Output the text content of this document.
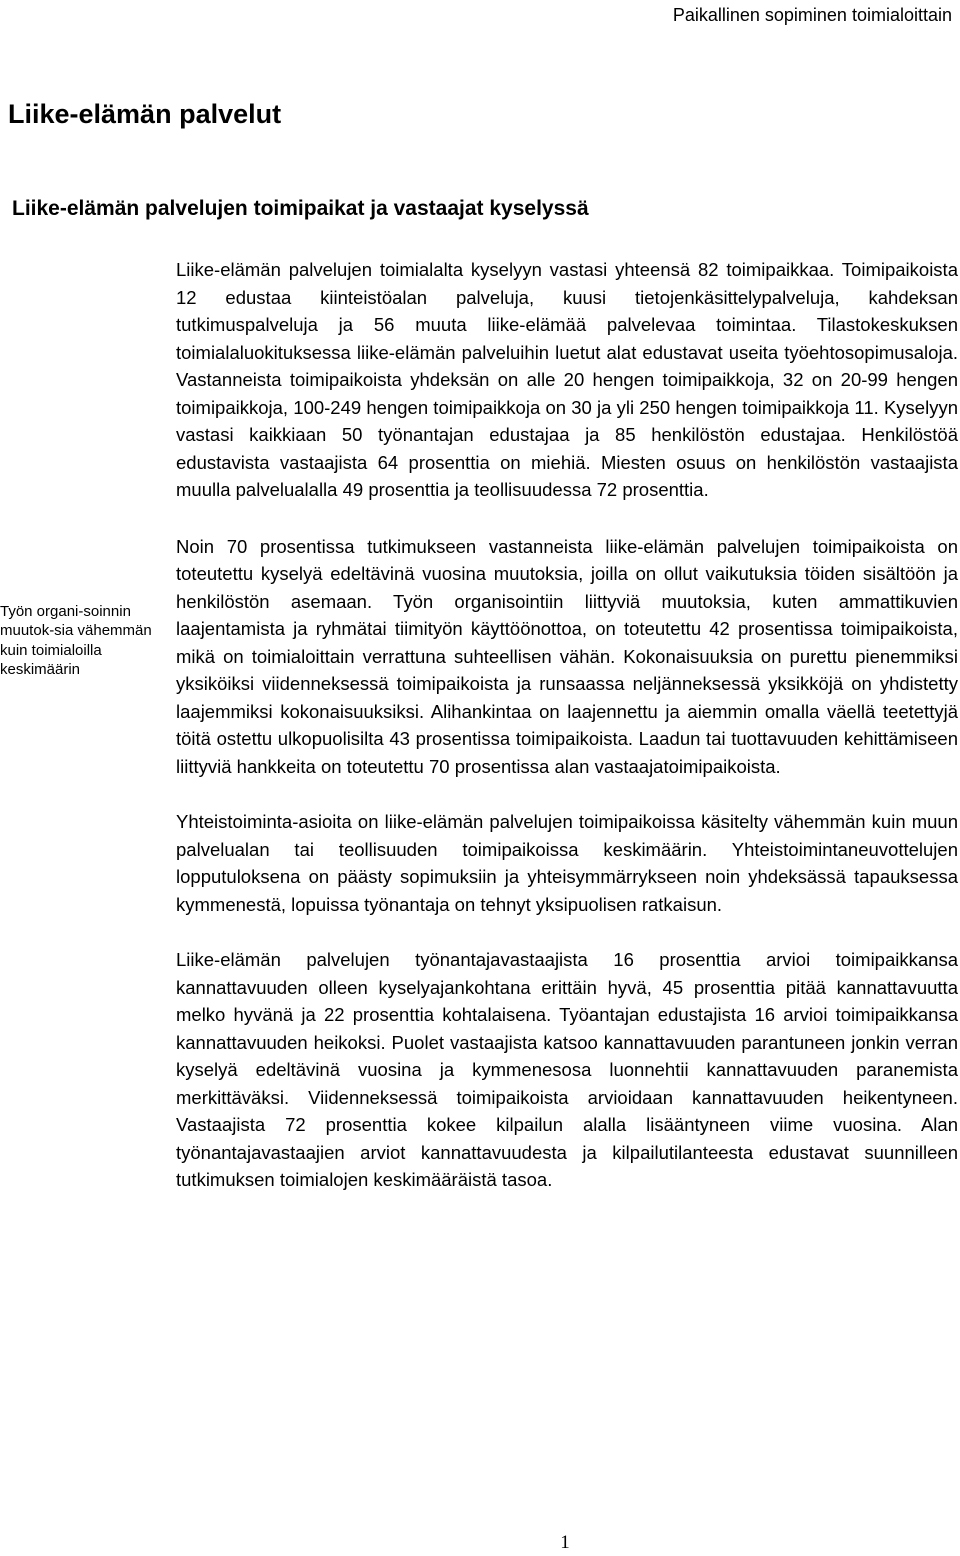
Paikallinen sopiminen toimialoittain
Liike-elämän palvelut
Liike-elämän palvelujen toimipaikat ja vastaajat kyselyssä

Työn organi-soinnin muutok-sia vähemmän kuin toimialoilla keskimäärin

Liike-elämän palvelujen toimialalta kyselyyn vastasi yhteensä 82 toimipaikkaa. Toimipaikoista 12 edustaa kiinteistöalan palveluja, kuusi tietojenkäsittelypalveluja, kahdeksan tutkimuspalveluja ja 56 muuta liike-elämää palvelevaa toimintaa. Tilastokeskuksen toimialaluokituksessa liike-elämän palveluihin luetut alat edustavat useita työehtosopimusaloja. Vastanneista toimipaikoista yhdeksän on alle 20 hengen toimipaikkoja, 32 on 20-99 hengen toimipaikkoja, 100-249 hengen toimipaikkoja on 30 ja yli 250 hengen toimipaikkoja 11. Kyselyyn vastasi kaikkiaan 50 työnantajan edustajaa ja 85 henkilöstön edustajaa. Henkilöstöä edustavista vastaajista 64 prosenttia on miehiä. Miesten osuus on henkilöstön vastaajista muulla palvelualalla 49 prosenttia ja teollisuudessa 72 prosenttia.

Noin 70 prosentissa tutkimukseen vastanneista liike-elämän palvelujen toimipaikoista on toteutettu kyselyä edeltävinä vuosina muutoksia, joilla on ollut vaikutuksia töiden sisältöön ja henkilöstön asemaan. Työn organisointiin liittyviä muutoksia, kuten ammattikuvien laajentamista ja ryhmätai tiimityön käyttöönottoa, on toteutettu 42 prosentissa toimipaikoista, mikä on toimialoittain verrattuna suhteellisen vähän. Kokonaisuuksia on purettu pienemmiksi yksiköiksi viidenneksessä toimipaikoista ja runsaassa neljänneksessä yksikköjä on yhdistetty laajemmiksi kokonaisuuksiksi. Alihankintaa on laajennettu ja aiemmin omalla väellä teetettyjä töitä ostettu ulkopuolisilta 43 prosentissa toimipaikoista. Laadun tai tuottavuuden kehittämiseen liittyviä hankkeita on toteutettu 70 prosentissa alan vastaajatoimipaikoista.

Yhteistoiminta-asioita on liike-elämän palvelujen toimipaikoissa käsitelty vähemmän kuin muun palvelualan tai teollisuuden toimipaikoissa keskimäärin. Yhteistoimintaneuvottelujen lopputuloksena on päästy sopimuksiin ja yhteisymmärrykseen noin yhdeksässä tapauksessa kymmenestä, lopuissa työnantaja on tehnyt yksipuolisen ratkaisun.

Liike-elämän palvelujen työnantajavastaajista 16 prosenttia arvioi toimipaikkansa kannattavuuden olleen kyselyajankohtana erittäin hyvä, 45 prosenttia pitää kannattavuutta melko hyvänä ja 22 prosenttia kohtalaisena. Työantajan edustajista 16 arvioi toimipaikkansa kannattavuuden heikoksi. Puolet vastaajista katsoo kannattavuuden parantuneen jonkin verran kyselyä edeltävinä vuosina ja kymmenesosa luonnehtii kannattavuuden paranemista merkittäväksi. Viidenneksessä toimipaikoista arvioidaan kannattavuuden heikentyneen. Vastaajista 72 prosenttia kokee kilpailun alalla lisääntyneen viime vuosina. Alan työnantajavastaajien arviot kannattavuudesta ja kilpailutilanteesta edustavat suunnilleen tutkimuksen toimialojen keskimääräistä tasoa.

1
